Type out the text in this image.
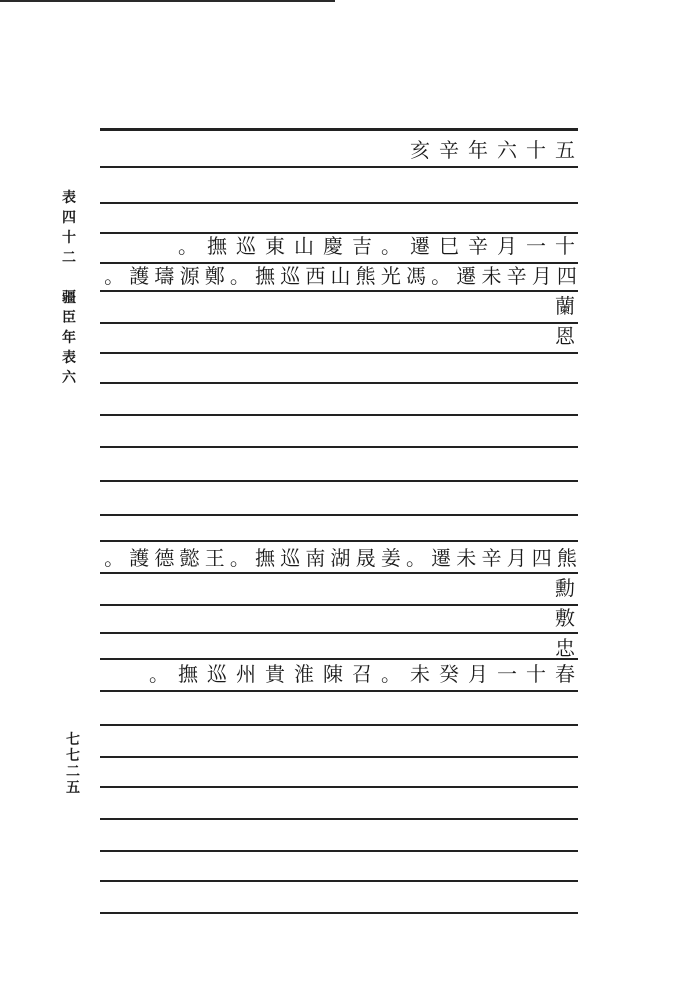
表
四
十
二
疆
臣
年
表
六
七
七
二
五
五
十
六
年
辛
亥
十
一
月
辛
巳
遷
。
吉
慶
山
東
巡
撫
。
四
月
辛
未
遷
。
馮
光
熊
山
西
巡
撫
。
鄭
源
璹
護
。
蘭
恩
熊
四
月
辛
未
遷
。
姜
晟
湖
南
巡
撫
。
王
懿
德
護
。
勳
敷
忠
春
十
一
月
癸
未
。
召
陳
淮
貴
州
巡
撫
。
